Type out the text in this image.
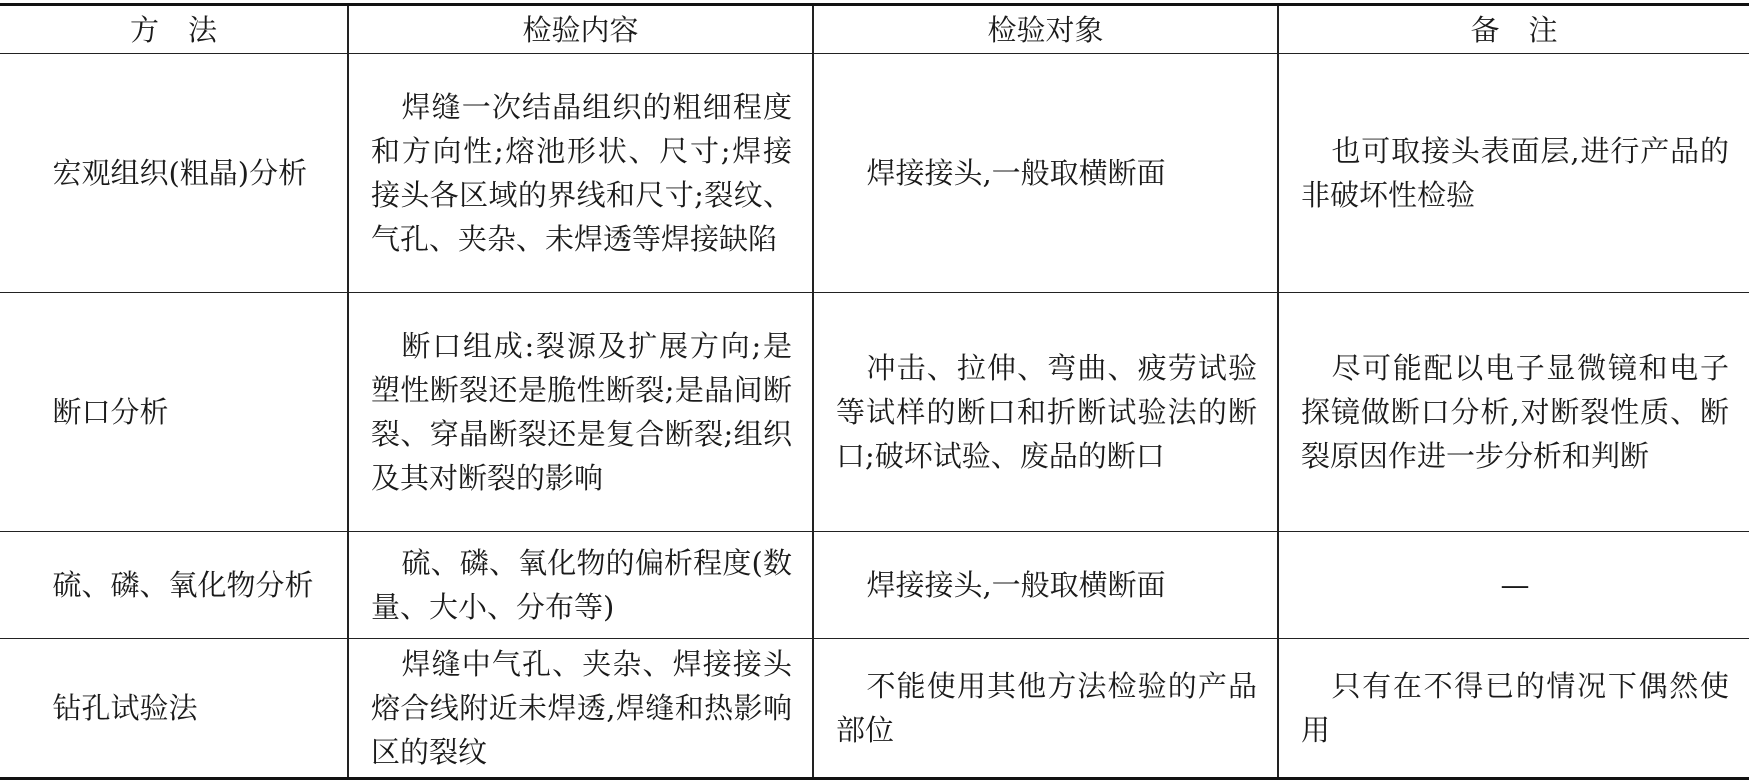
方　法	检验内容	检验对象	备　注

宏观组织(粗晶)分析	焊缝一次结晶组织的粗细程度和方向性;熔池形状、尺寸;焊接接头各区域的界线和尺寸;裂纹、气孔、夹杂、未焊透等焊接缺陷	焊接接头,一般取横断面	也可取接头表面层,进行产品的非破坏性检验

断口分析	断口组成:裂源及扩展方向;是塑性断裂还是脆性断裂;是晶间断裂、穿晶断裂还是复合断裂;组织及其对断裂的影响	冲击、拉伸、弯曲、疲劳试验等试样的断口和折断试验法的断口;破坏试验、废品的断口	尽可能配以电子显微镜和电子探镜做断口分析,对断裂性质、断裂原因作进一步分析和判断

硫、磷、氧化物分析	硫、磷、氧化物的偏析程度(数量、大小、分布等)	焊接接头,一般取横断面	—

钻孔试验法	焊缝中气孔、夹杂、焊接接头熔合线附近未焊透,焊缝和热影响区的裂纹	不能使用其他方法检验的产品部位	只有在不得已的情况下偶然使用
